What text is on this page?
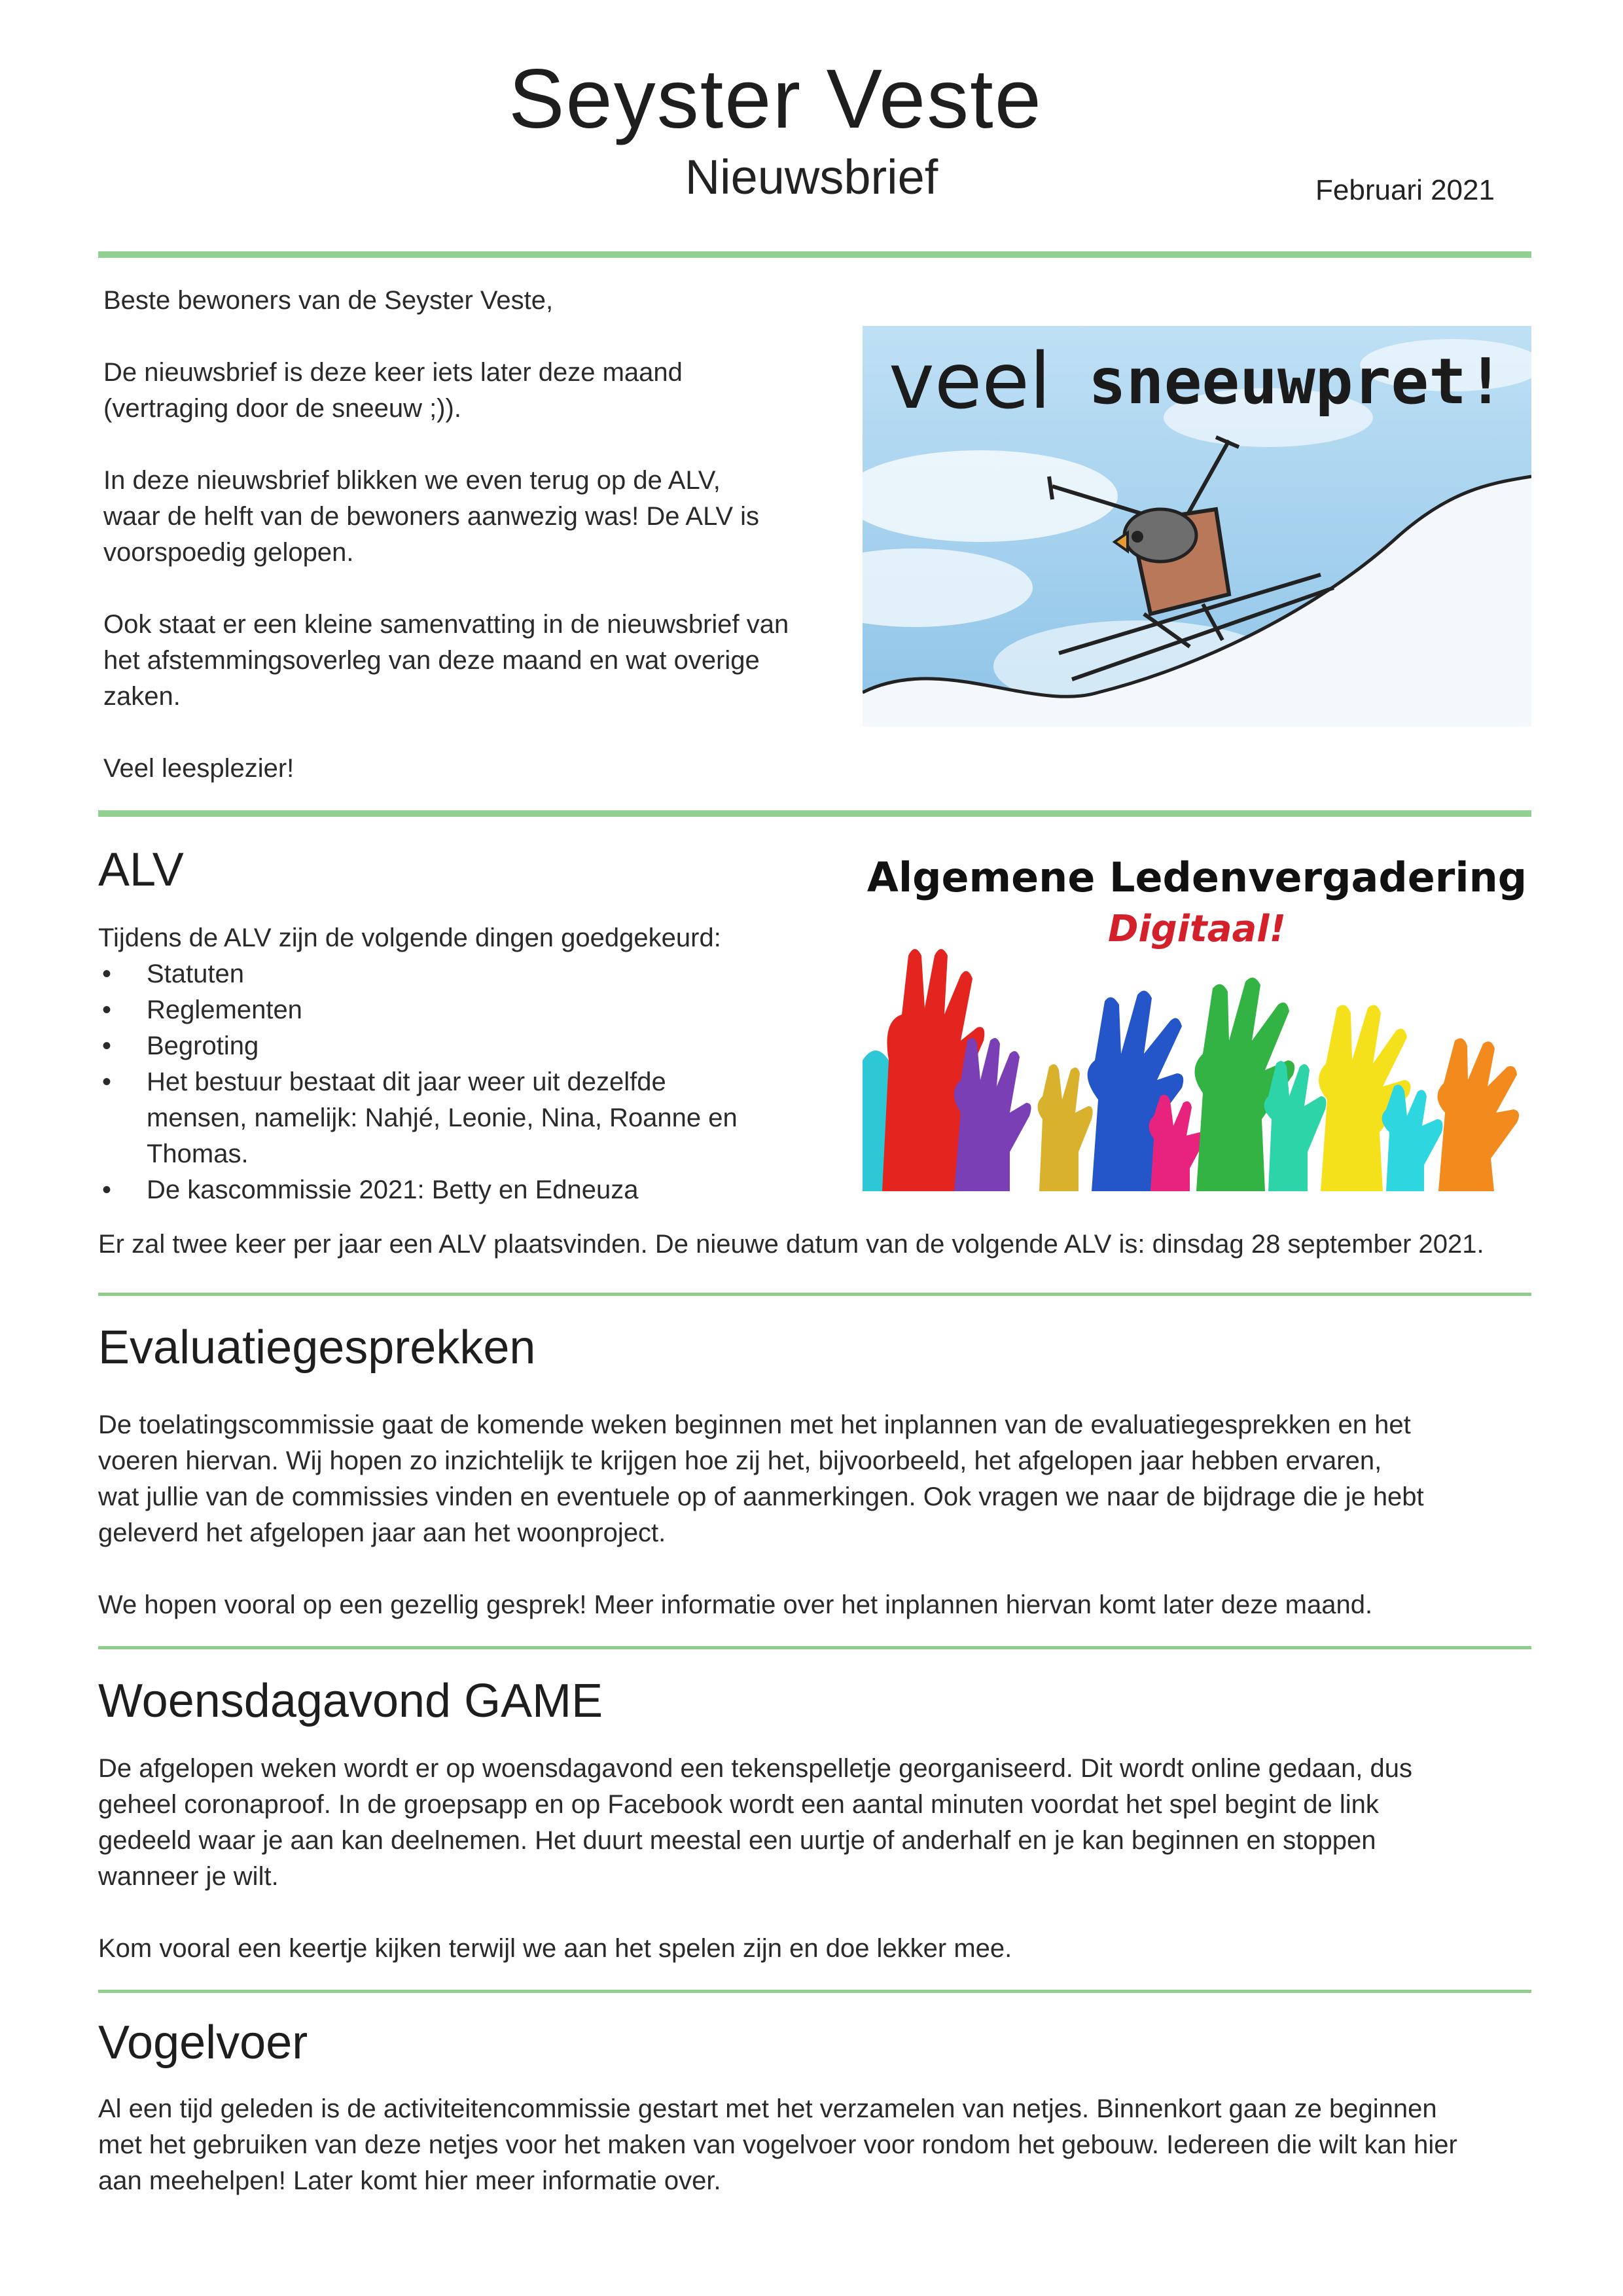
Seyster Veste
Nieuwsbrief	Februari 2021
Beste bewoners van de Seyster Veste,
De nieuwsbrief is deze keer iets later deze maand
(vertraging door de sneeuw ;)).
In deze nieuwsbrief blikken we even terug op de ALV,
waar de helft van de bewoners aanwezig was! De ALV is
voorspoedig gelopen.
Ook staat er een kleine samenvatting in de nieuwsbrief van
het afstemmingsoverleg van deze maand en wat overige
zaken.
Veel leesplezier!
veel sneeuwpret!
ALV
Tijdens de ALV zijn de volgende dingen goedgekeurd:
• Statuten
• Reglementen
• Begroting
• Het bestuur bestaat dit jaar weer uit dezelfde
mensen, namelijk: Nahjé, Leonie, Nina, Roanne en
Thomas.
• De kascommissie 2021: Betty en Edneuza
Er zal twee keer per jaar een ALV plaatsvinden. De nieuwe datum van de volgende ALV is: dinsdag 28 september 2021.
Algemene Ledenvergadering
Digitaal!
Evaluatiegesprekken
De toelatingscommissie gaat de komende weken beginnen met het inplannen van de evaluatiegesprekken en het
voeren hiervan. Wij hopen zo inzichtelijk te krijgen hoe zij het, bijvoorbeeld, het afgelopen jaar hebben ervaren,
wat jullie van de commissies vinden en eventuele op of aanmerkingen. Ook vragen we naar de bijdrage die je hebt
geleverd het afgelopen jaar aan het woonproject.
We hopen vooral op een gezellig gesprek! Meer informatie over het inplannen hiervan komt later deze maand.
Woensdagavond GAME
De afgelopen weken wordt er op woensdagavond een tekenspelletje georganiseerd. Dit wordt online gedaan, dus
geheel coronaproof. In de groepsapp en op Facebook wordt een aantal minuten voordat het spel begint de link
gedeeld waar je aan kan deelnemen. Het duurt meestal een uurtje of anderhalf en je kan beginnen en stoppen
wanneer je wilt.
Kom vooral een keertje kijken terwijl we aan het spelen zijn en doe lekker mee.
Vogelvoer
Al een tijd geleden is de activiteitencommissie gestart met het verzamelen van netjes. Binnenkort gaan ze beginnen
met het gebruiken van deze netjes voor het maken van vogelvoer voor rondom het gebouw. Iedereen die wilt kan hier
aan meehelpen! Later komt hier meer informatie over.
